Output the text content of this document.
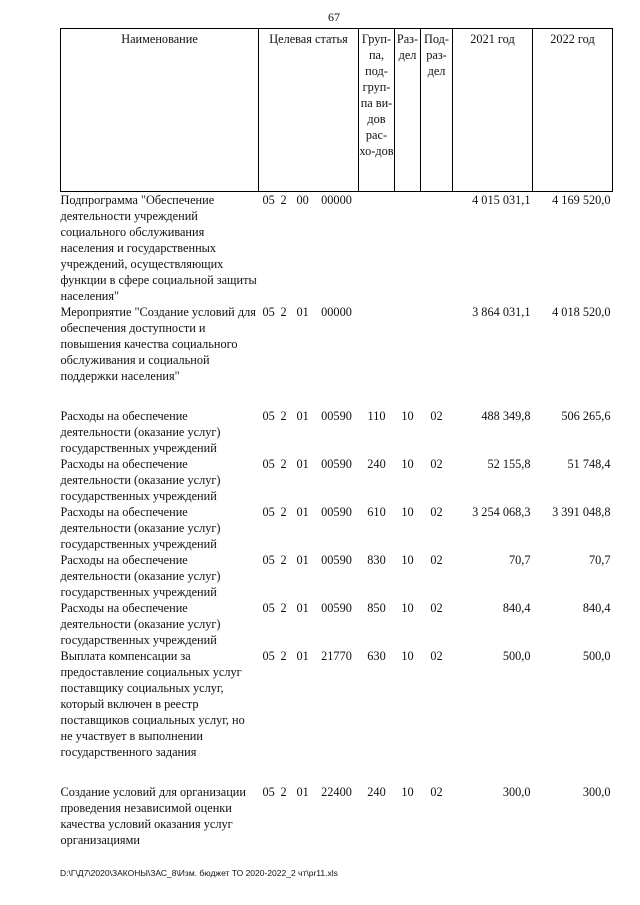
67
Наименование	Целевая статья	Груп-па, под-груп-па ви-дов рас-хо-дов	Раз-дел	Под-раз-дел	2021 год	2022 год
Подпрограмма "Обеспечение деятельности учреждений социального обслуживания населения и государственных учреждений, осуществляющих функции в сфере социальной защиты населения"	05 2 00 00000				4 015 031,1	4 169 520,0
Мероприятие "Создание условий для обеспечения доступности и повышения качества социального обслуживания и социальной поддержки населения"	05 2 01 00000				3 864 031,1	4 018 520,0

Расходы на обеспечение деятельности (оказание услуг) государственных учреждений	05 2 01 00590	110	10	02	488 349,8	506 265,6
Расходы на обеспечение деятельности (оказание услуг) государственных учреждений	05 2 01 00590	240	10	02	52 155,8	51 748,4
Расходы на обеспечение деятельности (оказание услуг) государственных учреждений	05 2 01 00590	610	10	02	3 254 068,3	3 391 048,8
Расходы на обеспечение деятельности (оказание услуг) государственных учреждений	05 2 01 00590	830	10	02	70,7	70,7
Расходы на обеспечение деятельности (оказание услуг) государственных учреждений	05 2 01 00590	850	10	02	840,4	840,4
Выплата компенсации за предоставление социальных услуг поставщику социальных услуг, который включен в реестр поставщиков социальных услуг, но не участвует в выполнении государственного задания	05 2 01 21770	630	10	02	500,0	500,0

Создание условий для организации проведения независимой оценки качества условий оказания услуг организациями	05 2 01 22400	240	10	02	300,0	300,0
D:\Г\Д7\2020\ЗАКОНЫ\ЗАС_8\Изм. бюджет ТО 2020-2022_2 чт\pr11.xls
